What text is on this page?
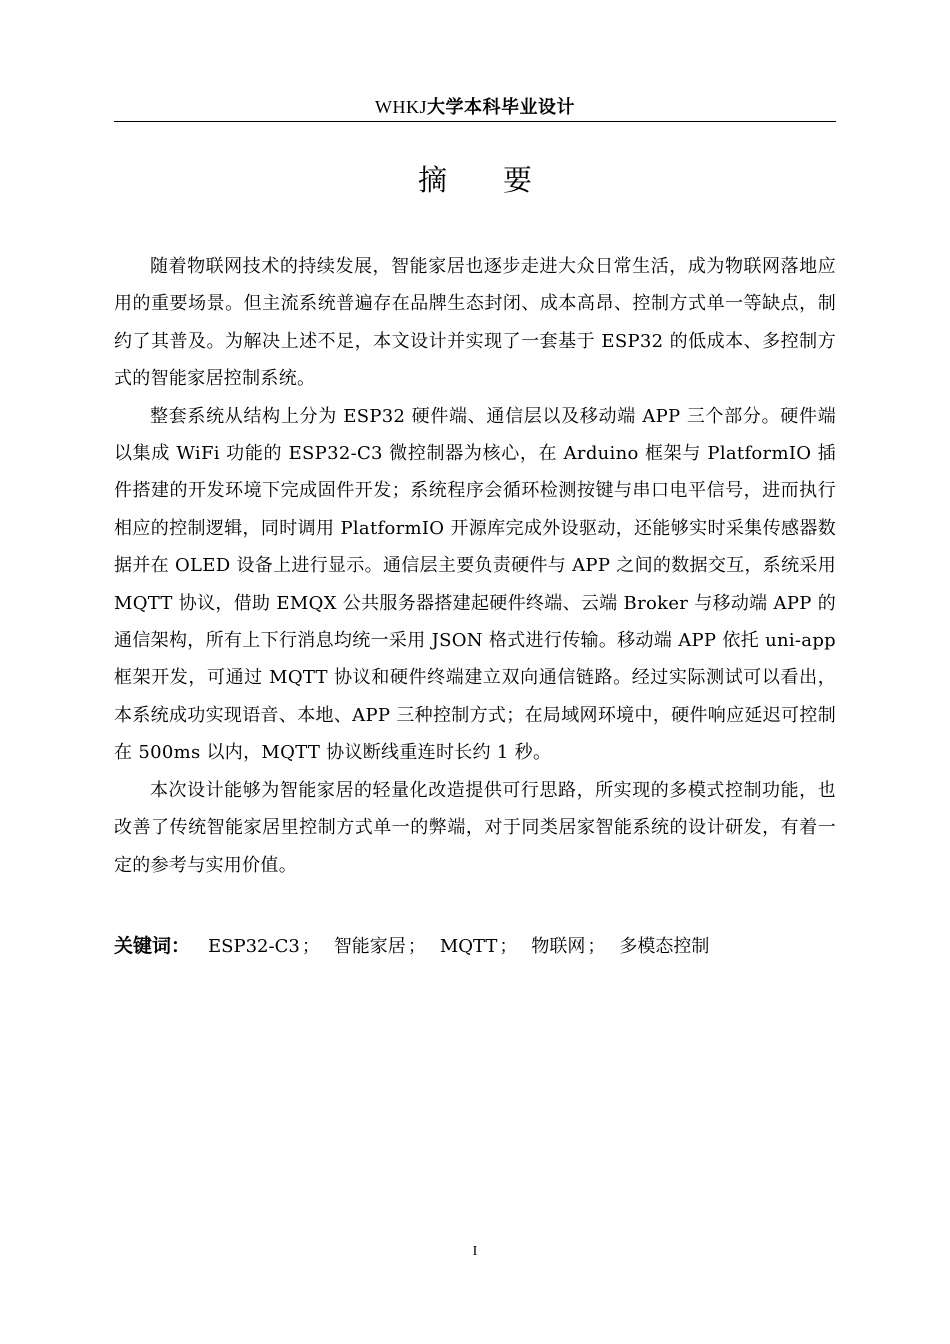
WHKJ大学本科毕业设计
摘要

随着物联网技术的持续发展，智能家居也逐步走进大众日常生活，成为物联网落地应用的重要场景。但主流系统普遍存在品牌生态封闭、成本高昂、控制方式单一等缺点，制约了其普及。为解决上述不足，本文设计并实现了一套基于 ESP32 的低成本、多控制方式的智能家居控制系统。

整套系统从结构上分为 ESP32 硬件端、通信层以及移动端 APP 三个部分。硬件端以集成 WiFi 功能的 ESP32-C3 微控制器为核心，在 Arduino 框架与 PlatformIO 插件搭建的开发环境下完成固件开发；系统程序会循环检测按键与串口电平信号，进而执行相应的控制逻辑，同时调用 PlatformIO 开源库完成外设驱动，还能够实时采集传感器数据并在 OLED 设备上进行显示。通信层主要负责硬件与 APP 之间的数据交互，系统采用 MQTT 协议，借助 EMQX 公共服务器搭建起硬件终端、云端 Broker 与移动端 APP 的通信架构，所有上下行消息均统一采用 JSON 格式进行传输。移动端 APP 依托 uni-app 框架开发，可通过 MQTT 协议和硬件终端建立双向通信链路。经过实际测试可以看出，本系统成功实现语音、本地、APP 三种控制方式；在局域网环境中，硬件响应延迟可控制在 500ms 以内，MQTT 协议断线重连时长约 1 秒。

本次设计能够为智能家居的轻量化改造提供可行思路，所实现的多模式控制功能，也改善了传统智能家居里控制方式单一的弊端，对于同类居家智能系统的设计研发，有着一定的参考与实用价值。

关键词： ESP32-C3 ； 智能家居 ； MQTT ； 物联网 ； 多模态控制
I
